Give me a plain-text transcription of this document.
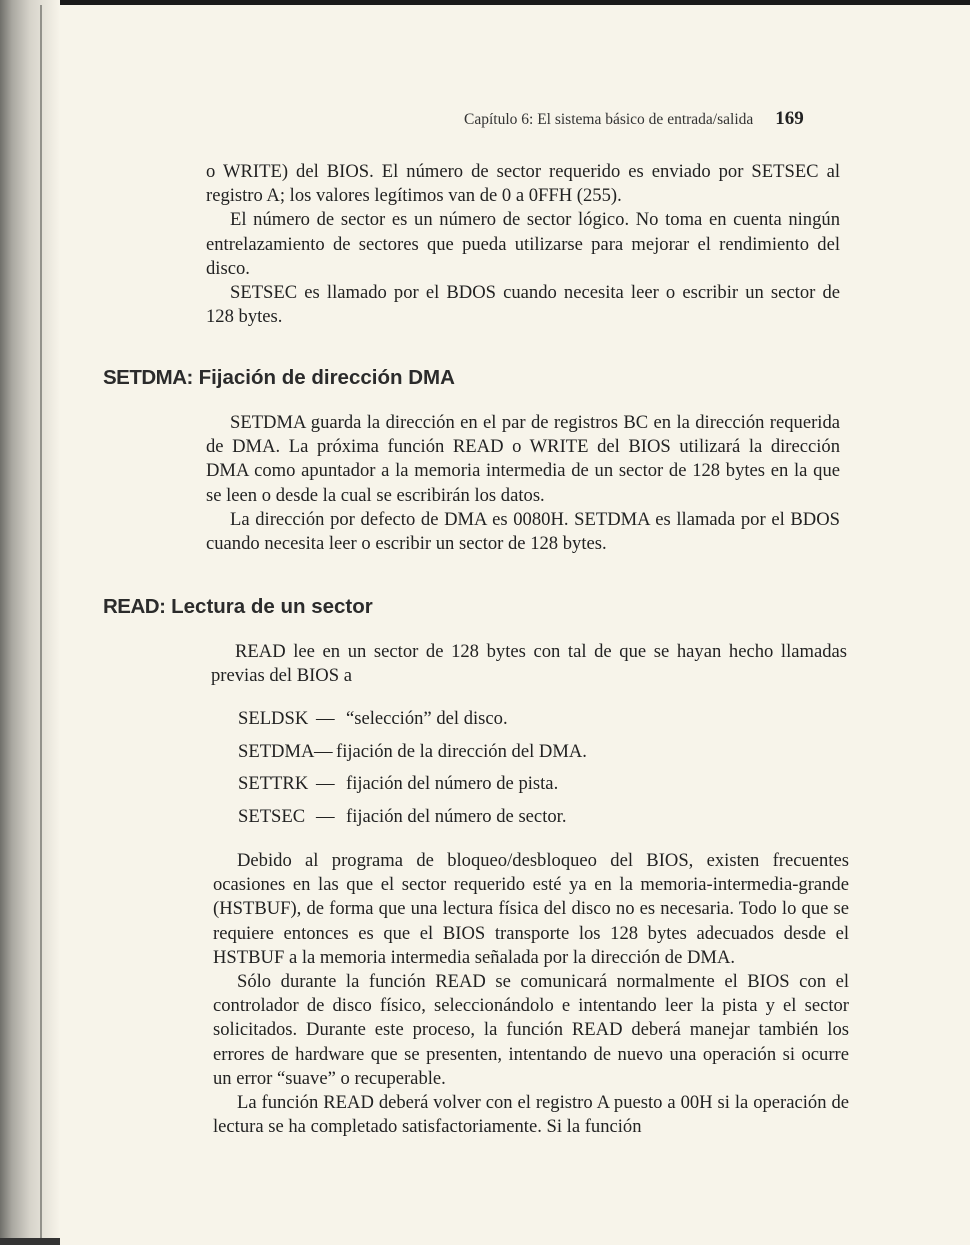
Capítulo 6: El sistema básico de entrada/salida 169

o WRITE) del BIOS. El número de sector requerido es enviado por SETSEC al registro A; los valores legítimos van de 0 a 0FFH (255).

El número de sector es un número de sector lógico. No toma en cuenta ningún entrelazamiento de sectores que pueda utilizarse para mejorar el rendimiento del disco.

SETSEC es llamado por el BDOS cuando necesita leer o escribir un sector de 128 bytes.

SETDMA: Fijación de dirección DMA

SETDMA guarda la dirección en el par de registros BC en la dirección requerida de DMA. La próxima función READ o WRITE del BIOS utilizará la dirección DMA como apuntador a la memoria intermedia de un sector de 128 bytes en la que se leen o desde la cual se escribirán los datos.

La dirección por defecto de DMA es 0080H. SETDMA es llamada por el BDOS cuando necesita leer o escribir un sector de 128 bytes.

READ: Lectura de un sector

READ lee en un sector de 128 bytes con tal de que se hayan hecho llamadas previas del BIOS a

SELDSK — “selección” del disco.
SETDMA— fijación de la dirección del DMA.
SETTRK — fijación del número de pista.
SETSEC — fijación del número de sector.

Debido al programa de bloqueo/desbloqueo del BIOS, existen frecuentes ocasiones en las que el sector requerido esté ya en la memoria-intermedia-grande (HSTBUF), de forma que una lectura física del disco no es necesaria. Todo lo que se requiere entonces es que el BIOS transporte los 128 bytes adecuados desde el HSTBUF a la memoria intermedia señalada por la dirección de DMA.

Sólo durante la función READ se comunicará normalmente el BIOS con el controlador de disco físico, seleccionándolo e intentando leer la pista y el sector solicitados. Durante este proceso, la función READ deberá manejar también los errores de hardware que se presenten, intentando de nuevo una operación si ocurre un error “suave” o recuperable.

La función READ deberá volver con el registro A puesto a 00H si la operación de lectura se ha completado satisfactoriamente. Si la función
